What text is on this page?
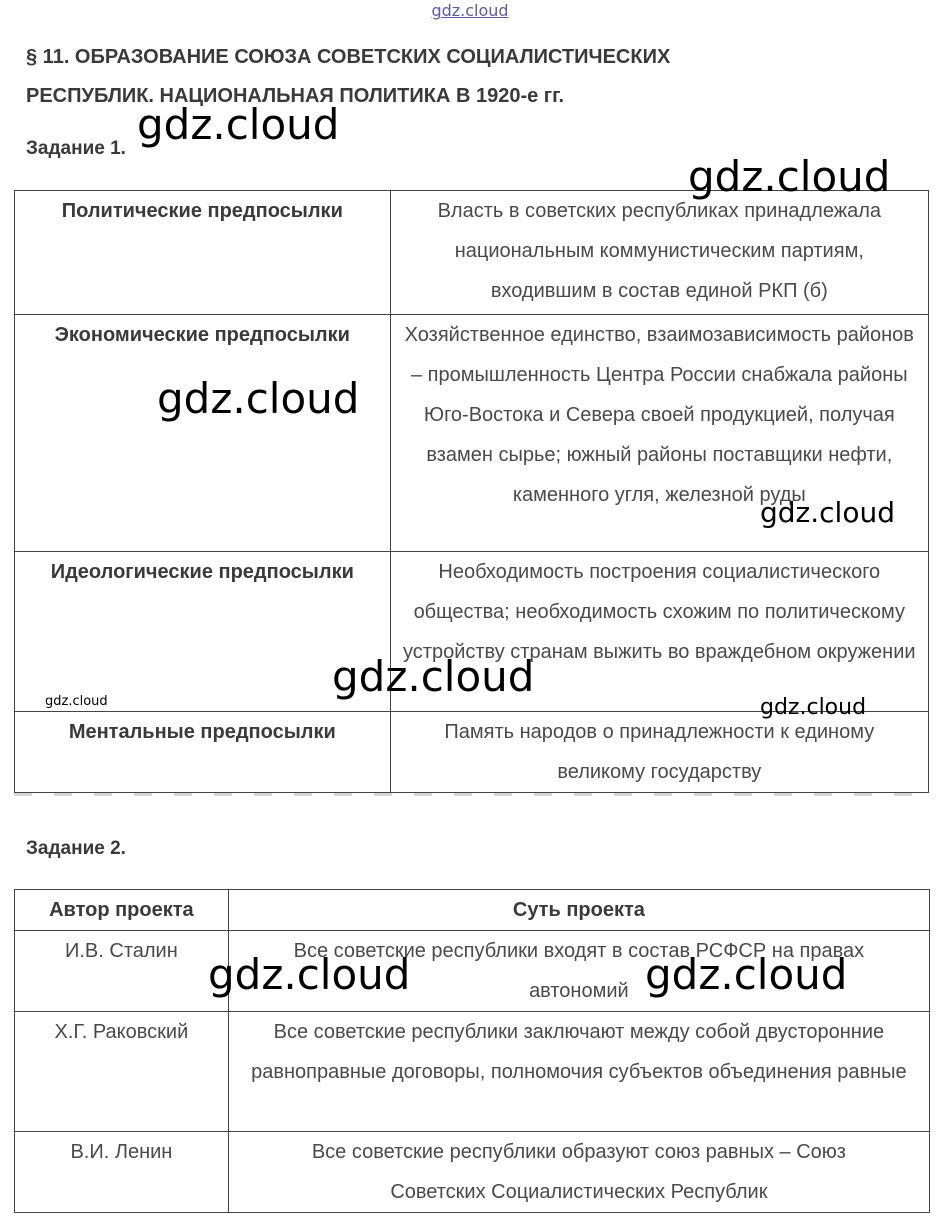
gdz.cloud
§ 11. ОБРАЗОВАНИЕ СОЮЗА СОВЕТСКИХ СОЦИАЛИСТИЧЕСКИХ
РЕСПУБЛИК. НАЦИОНАЛЬНАЯ ПОЛИТИКА В 1920-е гг.
Задание 1.
Политические предпосылки	Власть в советских республиках принадлежала национальным коммунистическим партиям, входившим в состав единой РКП (б)
Экономические предпосылки	Хозяйственное единство, взаимозависимость районов – промышленность Центра России снабжала районы Юго-Востока и Севера своей продукцией, получая взамен сырье; южный районы поставщики нефти, каменного угля, железной руды
Идеологические предпосылки	Необходимость построения социалистического общества; необходимость схожим по политическому устройству странам выжить во враждебном окружении
Ментальные предпосылки	Память народов о принадлежности к единому великому государству
Задание 2.
Автор проекта	Суть проекта
И.В. Сталин	Все советские республики входят в состав РСФСР на правах автономий
Х.Г. Раковский	Все советские республики заключают между собой двусторонние равноправные договоры, полномочия субъектов объединения равные
В.И. Ленин	Все советские республики образуют союз равных – Союз Советских Социалистических Республик
gdz.cloud
gdz.cloud
gdz.cloud
gdz.cloud
gdz.cloud
gdz.cloud	gdz.cloud
gdz.cloud	gdz.cloud
